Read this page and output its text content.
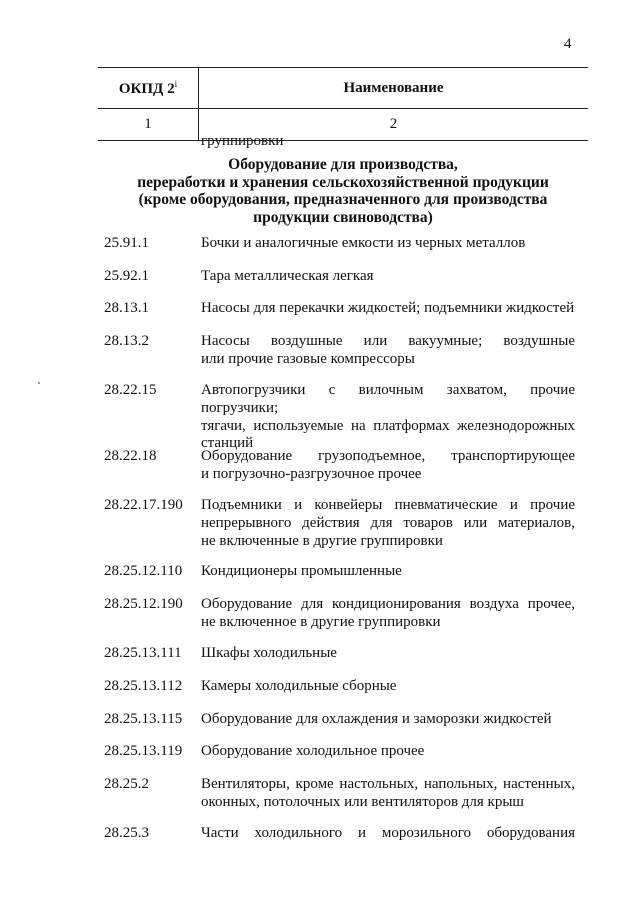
4
ОКПД 2$^i$	Наименование
1	2
группировки
Оборудование для производства,
переработки и хранения сельскохозяйственной продукции
(кроме оборудования, предназначенного для производства
продукции свиноводства)
25.91.1	Бочки и аналогичные емкости из черных металлов
25.92.1	Тара металлическая легкая
28.13.1	Насосы для перекачки жидкостей; подъемники жидкостей
28.13.2	Насосы воздушные или вакуумные; воздушные
или прочие газовые компрессоры
28.22.15	Автопогрузчики с вилочным захватом, прочие погрузчики;
тягачи, используемые на платформах железнодорожных
станций
28.22.18	Оборудование грузоподъемное, транспортирующее
и погрузочно-разгрузочное прочее
28.22.17.190 Подъемники и конвейеры пневматические и прочие
непрерывного действия для товаров или материалов,
не включенные в другие группировки
28.25.12.110 Кондиционеры промышленные
28.25.12.190 Оборудование для кондиционирования воздуха прочее,
не включенное в другие группировки
28.25.13.111 Шкафы холодильные
28.25.13.112 Камеры холодильные сборные
28.25.13.115 Оборудование для охлаждения и заморозки жидкостей
28.25.13.119 Оборудование холодильное прочее
28.25.2	Вентиляторы, кроме настольных, напольных, настенных,
оконных, потолочных или вентиляторов для крыш
28.25.3	Части холодильного и морозильного оборудования
